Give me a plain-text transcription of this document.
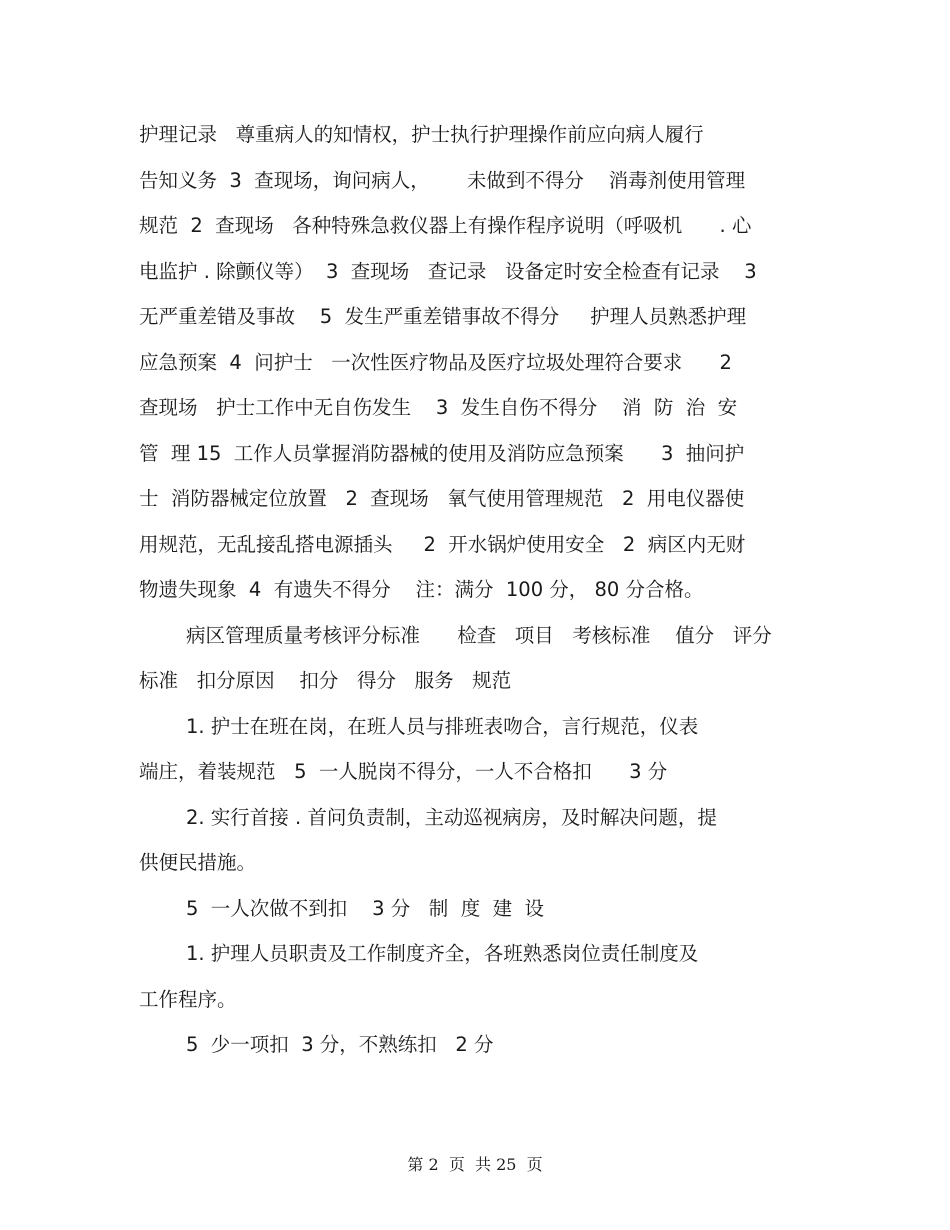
护理记录   尊重病人的知情权，护士执行护理操作前应向病人履行
告知义务  3  查现场，询问病人，      未做到不得分    消毒剂使用管理
规范  2  查现场   各种特殊急救仪器上有操作程序说明（呼吸机      . 心
电监护 . 除颤仪等）  3  查现场   查记录   设备定时安全检查有记录    3
无严重差错及事故    5  发生严重差错事故不得分     护理人员熟悉护理
应急预案  4  问护士   一次性医疗物品及医疗垃圾处理符合要求      2
查现场   护士工作中无自伤发生    3  发生自伤不得分    消  防  治  安
管  理 15  工作人员掌握消防器械的使用及消防应急预案      3  抽问护
士  消防器械定位放置   2  查现场   氧气使用管理规范   2  用电仪器使
用规范，无乱接乱搭电源插头     2  开水锅炉使用安全   2  病区内无财
物遗失现象  4  有遗失不得分    注：满分  100 分， 80 分合格。
病区管理质量考核评分标准      检查   项目   考核标准    值分   评分
标准   扣分原因    扣分   得分   服务   规范
1. 护士在班在岗，在班人员与排班表吻合，言行规范，仪表
端庄，着装规范   5  一人脱岗不得分，一人不合格扣      3 分
2. 实行首接 . 首问负责制，主动巡视病房，及时解决问题，提
供便民措施。
5  一人次做不到扣    3 分   制  度  建  设
1. 护理人员职责及工作制度齐全，各班熟悉岗位责任制度及
工作程序。
5  少一项扣  3 分，不熟练扣   2 分
第 2  页  共 25  页
